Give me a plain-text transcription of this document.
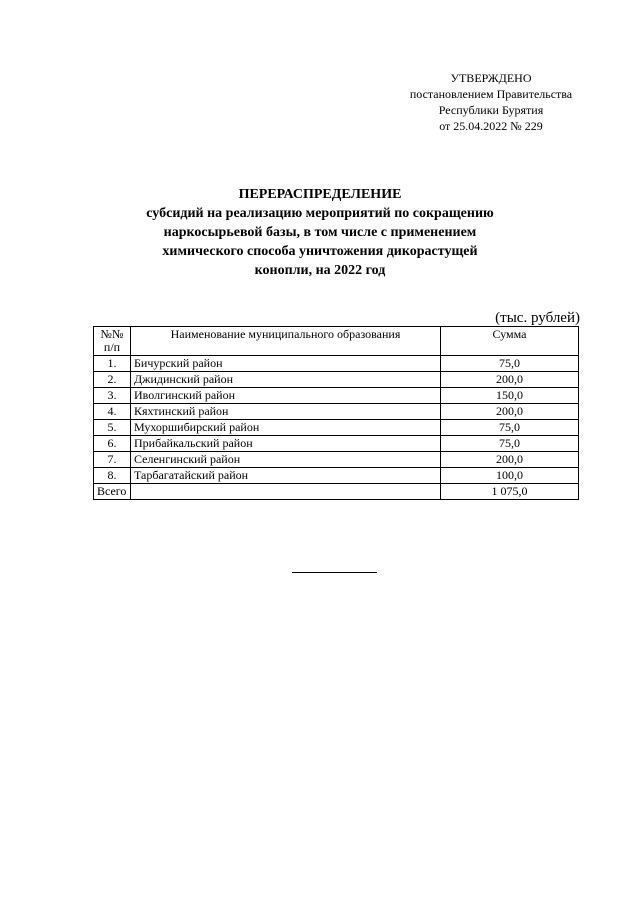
УТВЕРЖДЕНО
постановлением Правительства
Республики Бурятия
от 25.04.2022 № 229
ПЕРЕРАСПРЕДЕЛЕНИЕ
субсидий на реализацию мероприятий по сокращению
наркосырьевой базы, в том числе с применением
химического способа уничтожения дикорастущей
конопли, на 2022 год
(тыс. рублей)
№№
п/п	Наименование муниципального образования	Сумма
1.	Бичурский район	75,0
2.	Джидинский район	200,0
3.	Иволгинский район	150,0
4.	Кяхтинский район	200,0
5.	Мухоршибирский район	75,0
6.	Прибайкальский район	75,0
7.	Селенгинский район	200,0
8.	Тарбагатайский район	100,0
Всего		1 075,0
